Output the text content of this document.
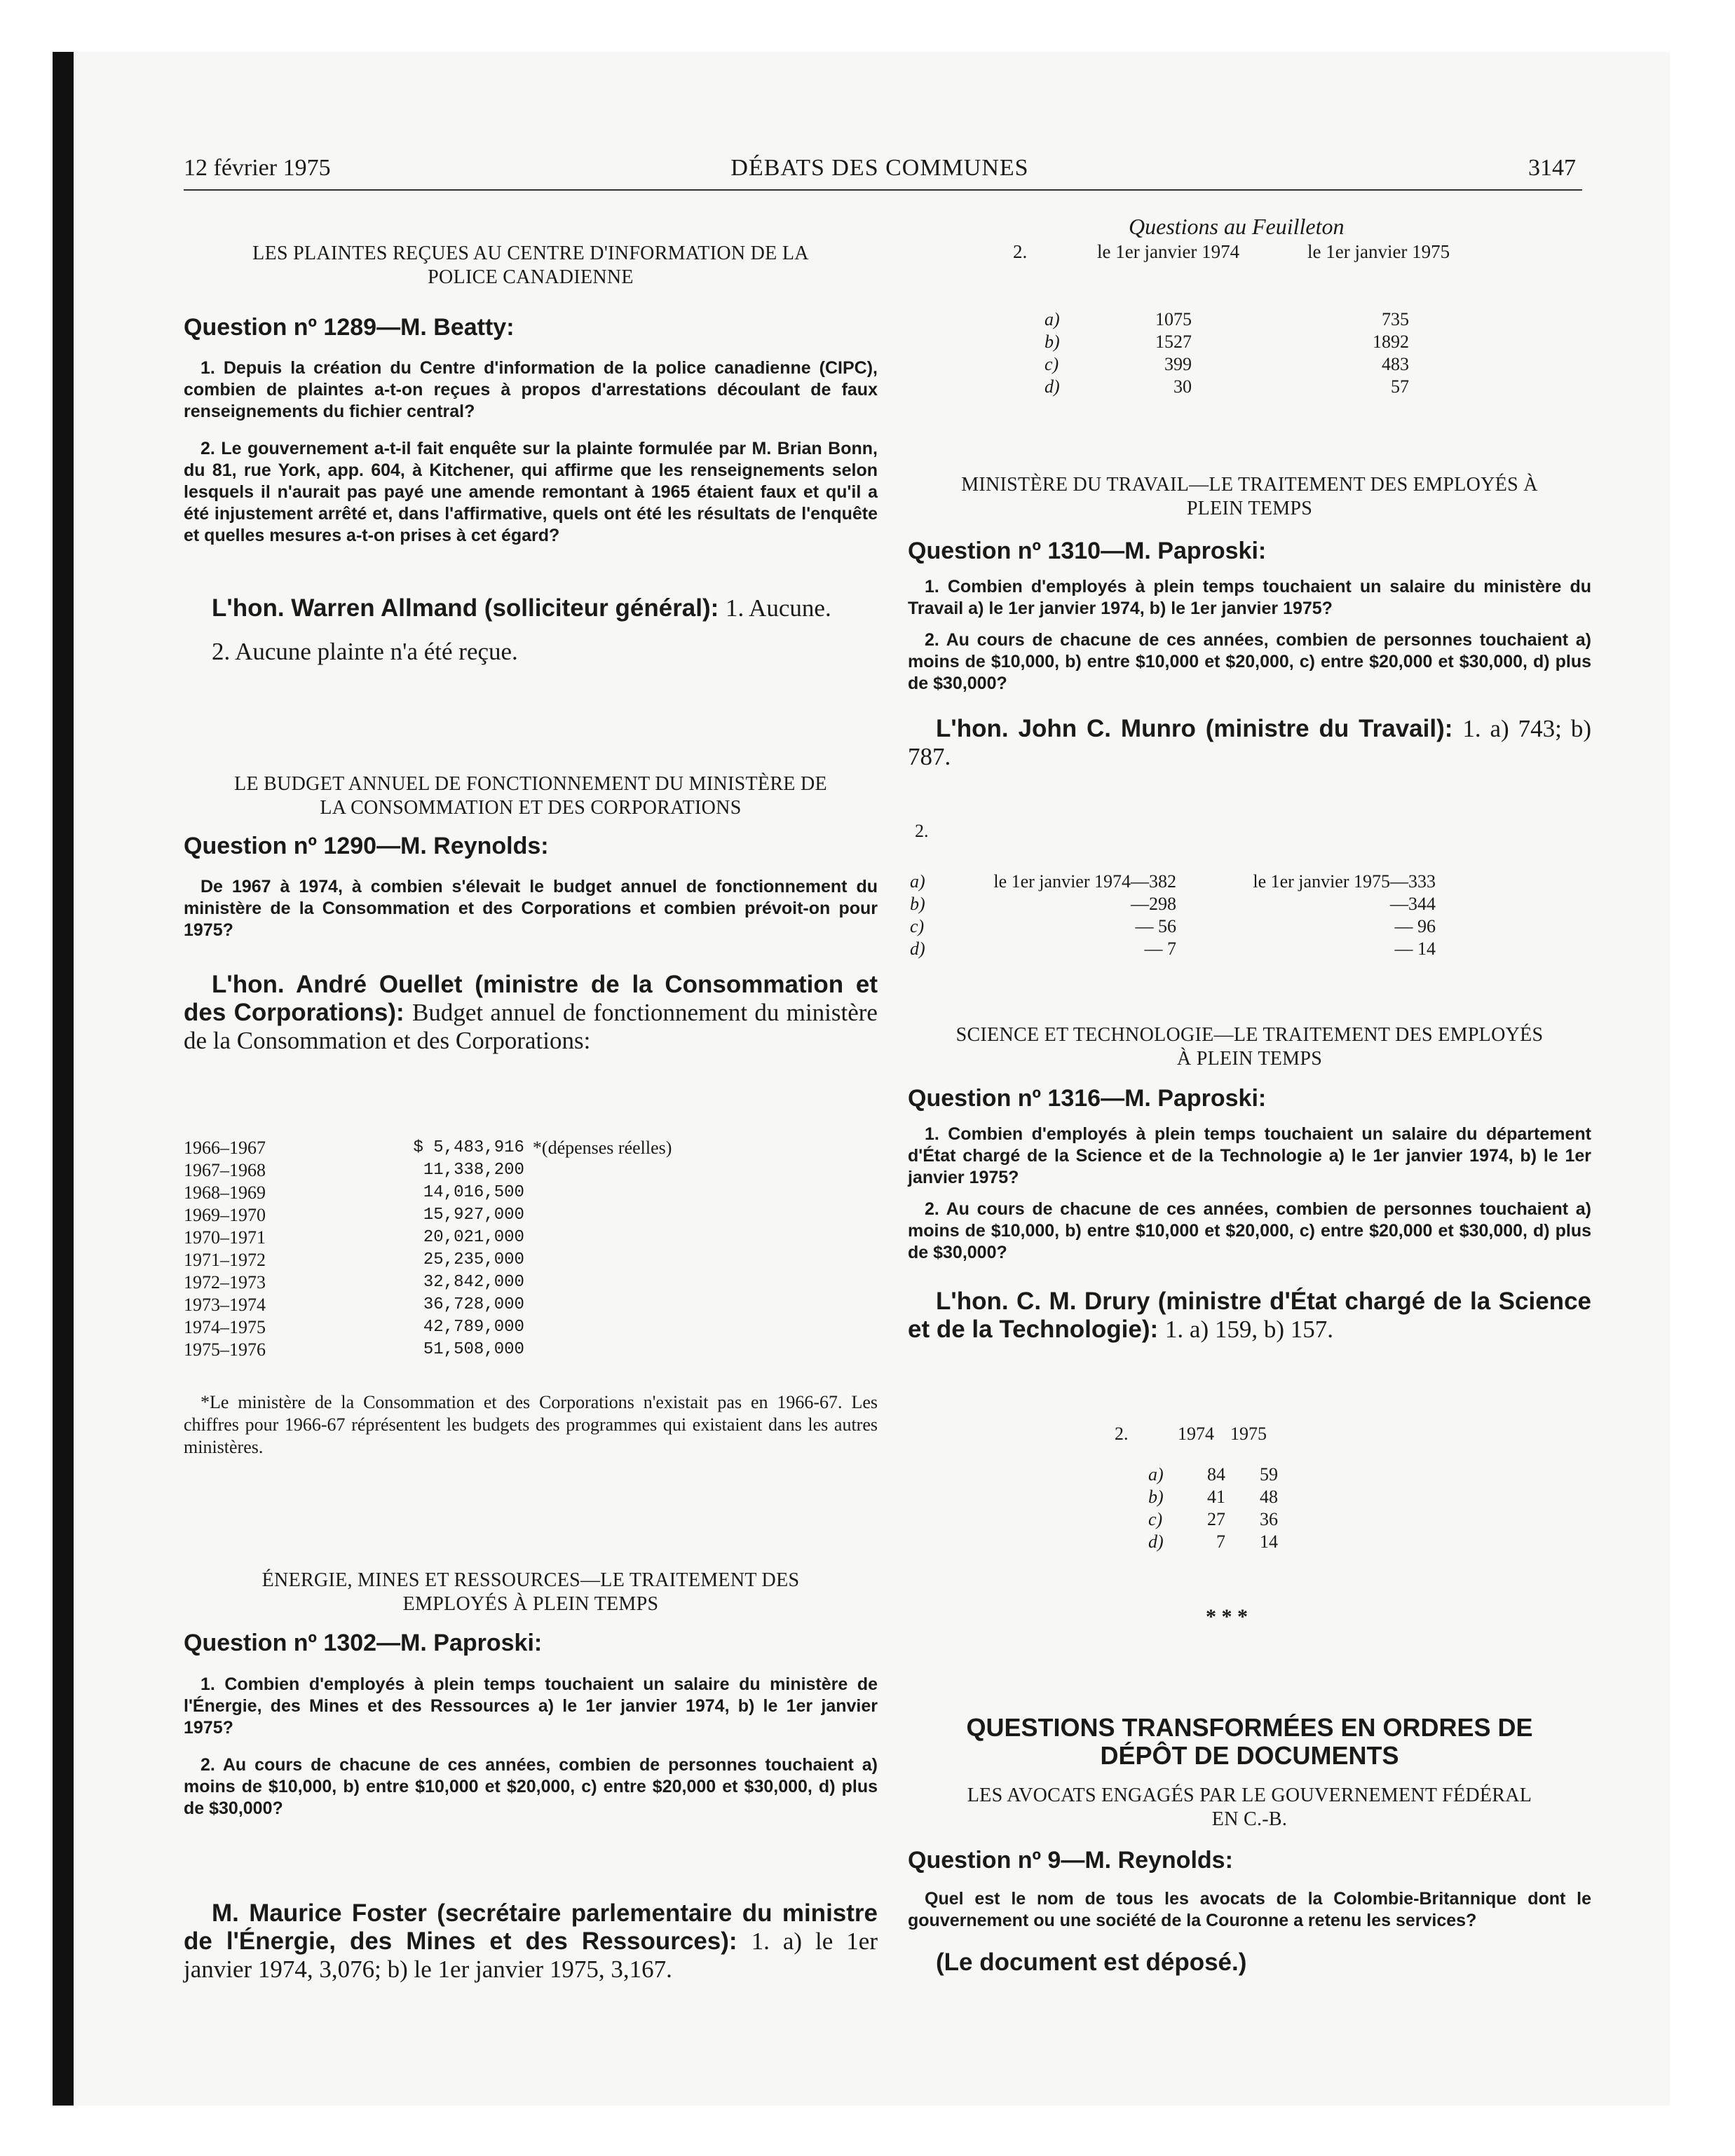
12 février 1975	DÉBATS DES COMMUNES	3147
Questions au Feuilleton
LES PLAINTES REÇUES AU CENTRE D'INFORMATION DE LA
POLICE CANADIENNE
Question nº 1289—M. Beatty:

1. Depuis la création du Centre d'information de la police canadienne (CIPC), combien de plaintes a-t-on reçues à propos d'arrestations découlant de faux renseignements du fichier central?

2. Le gouvernement a-t-il fait enquête sur la plainte formulée par M. Brian Bonn, du 81, rue York, app. 604, à Kitchener, qui affirme que les renseignements selon lesquels il n'aurait pas payé une amende remontant à 1965 étaient faux et qu'il a été injustement arrêté et, dans l'affirmative, quels ont été les résultats de l'enquête et quelles mesures a-t-on prises à cet égard?

L'hon. Warren Allmand (solliciteur général): 1. Aucune.
2. Aucune plainte n'a été reçue.
LE BUDGET ANNUEL DE FONCTIONNEMENT DU MINISTÈRE DE
LA CONSOMMATION ET DES CORPORATIONS
Question nº 1290—M. Reynolds:

De 1967 à 1974, à combien s'élevait le budget annuel de fonctionnement du ministère de la Consommation et des Corporations et combien prévoit-on pour 1975?

L'hon. André Ouellet (ministre de la Consommation et des Corporations): Budget annuel de fonctionnement du ministère de la Consommation et des Corporations:
1966–1967	$ 5,483,916	*(dépenses réelles)
1967–1968	11,338,200	
1968–1969	14,016,500	
1969–1970	15,927,000	
1970–1971	20,021,000	
1971–1972	25,235,000	
1972–1973	32,842,000	
1973–1974	36,728,000	
1974–1975	42,789,000	
1975–1976	51,508,000	
*Le ministère de la Consommation et des Corporations n'existait pas en 1966-67. Les chiffres pour 1966-67 réprésentent les budgets des programmes qui existaient dans les autres ministères.
ÉNERGIE, MINES ET RESSOURCES—LE TRAITEMENT DES
EMPLOYÉS À PLEIN TEMPS
Question nº 1302—M. Paproski:

1. Combien d'employés à plein temps touchaient un salaire du ministère de l'Énergie, des Mines et des Ressources a) le 1er janvier 1974, b) le 1er janvier 1975?

2. Au cours de chacune de ces années, combien de personnes touchaient a) moins de $10,000, b) entre $10,000 et $20,000, c) entre $20,000 et $30,000, d) plus de $30,000?

M. Maurice Foster (secrétaire parlementaire du ministre de l'Énergie, des Mines et des Ressources): 1. a) le 1er janvier 1974, 3,076; b) le 1er janvier 1975, 3,167.
2.	le 1er janvier 1974	le 1er janvier 1975
a)	1075	735
b)	1527	1892
c)	399	483
d)	30	57
MINISTÈRE DU TRAVAIL—LE TRAITEMENT DES EMPLOYÉS À
PLEIN TEMPS
Question nº 1310—M. Paproski:

1. Combien d'employés à plein temps touchaient un salaire du ministère du Travail a) le 1er janvier 1974, b) le 1er janvier 1975?

2. Au cours de chacune de ces années, combien de personnes touchaient a) moins de $10,000, b) entre $10,000 et $20,000, c) entre $20,000 et $30,000, d) plus de $30,000?

L'hon. John C. Munro (ministre du Travail): 1. a) 743; b) 787.
2.
a)	le 1er janvier 1974—382	le 1er janvier 1975—333
b)	—298	—344
c)	— 56	— 96
d)	— 7	— 14
SCIENCE ET TECHNOLOGIE—LE TRAITEMENT DES EMPLOYÉS
À PLEIN TEMPS
Question nº 1316—M. Paproski:

1. Combien d'employés à plein temps touchaient un salaire du département d'État chargé de la Science et de la Technologie a) le 1er janvier 1974, b) le 1er janvier 1975?

2. Au cours de chacune de ces années, combien de personnes touchaient a) moins de $10,000, b) entre $10,000 et $20,000, c) entre $20,000 et $30,000, d) plus de $30,000?

L'hon. C. M. Drury (ministre d'État chargé de la Science et de la Technologie): 1. a) 159, b) 157.
2.	1974 1975
a)	84	59
b)	41	48
c)	27	36
d)	7	14
* * *
QUESTIONS TRANSFORMÉES EN ORDRES DE
DÉPÔT DE DOCUMENTS
LES AVOCATS ENGAGÉS PAR LE GOUVERNEMENT FÉDÉRAL
EN C.-B.
Question nº 9—M. Reynolds:

Quel est le nom de tous les avocats de la Colombie-Britannique dont le gouvernement ou une société de la Couronne a retenu les services?

(Le document est déposé.)
